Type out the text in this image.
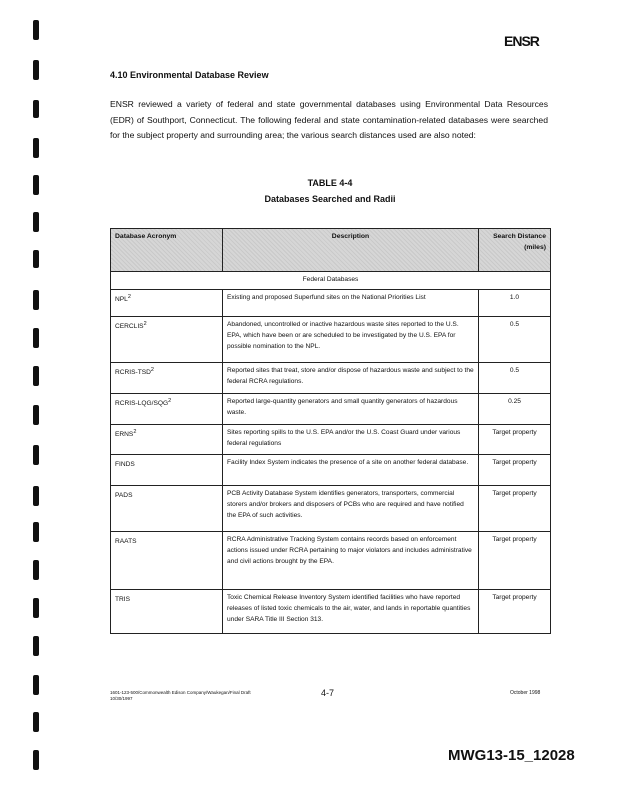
ENSR
4.10 Environmental Database Review
ENSR reviewed a variety of federal and state governmental databases using Environmental Data Resources (EDR) of Southport, Connecticut. The following federal and state contamination-related databases were searched for the subject property and surrounding area; the various search distances used are also noted:
TABLE 4-4
Databases Searched and Radii
Database Acronym	Description	Search Distance (miles)
Federal Databases		
NPL$^2$	Existing and proposed Superfund sites on the National Priorities List	1.0
CERCLIS$^2$	Abandoned, uncontrolled or inactive hazardous waste sites reported to the U.S. EPA, which have been or are scheduled to be investigated by the U.S. EPA for possible nomination to the NPL.	0.5
RCRIS-TSD$^2$	Reported sites that treat, store and/or dispose of hazardous waste and subject to the federal RCRA regulations.	0.5
RCRIS-LQG/SQG$^2$	Reported large-quantity generators and small quantity generators of hazardous waste.	0.25
ERNS$^2$	Sites reporting spills to the U.S. EPA and/or the U.S. Coast Guard under various federal regulations	Target property
FINDS	Facility Index System indicates the presence of a site on another federal database.	Target property
PADS	PCB Activity Database System identifies generators, transporters, commercial storers and/or brokers and disposers of PCBs who are required and have notified the EPA of such activities.	Target property
RAATS	RCRA Administrative Tracking System contains records based on enforcement actions issued under RCRA pertaining to major violators and includes administrative and civil actions brought by the EPA.	Target property
TRIS	Toxic Chemical Release Inventory System identified facilities who have reported releases of listed toxic chemicals to the air, water, and lands in reportable quantities under SARA Title III Section 313.	Target property
1601-123-500/Commonwealth Edison Company/Waukegan/Final Draft
10/30/1997
4-7	October 1998
MWG13-15_12028
